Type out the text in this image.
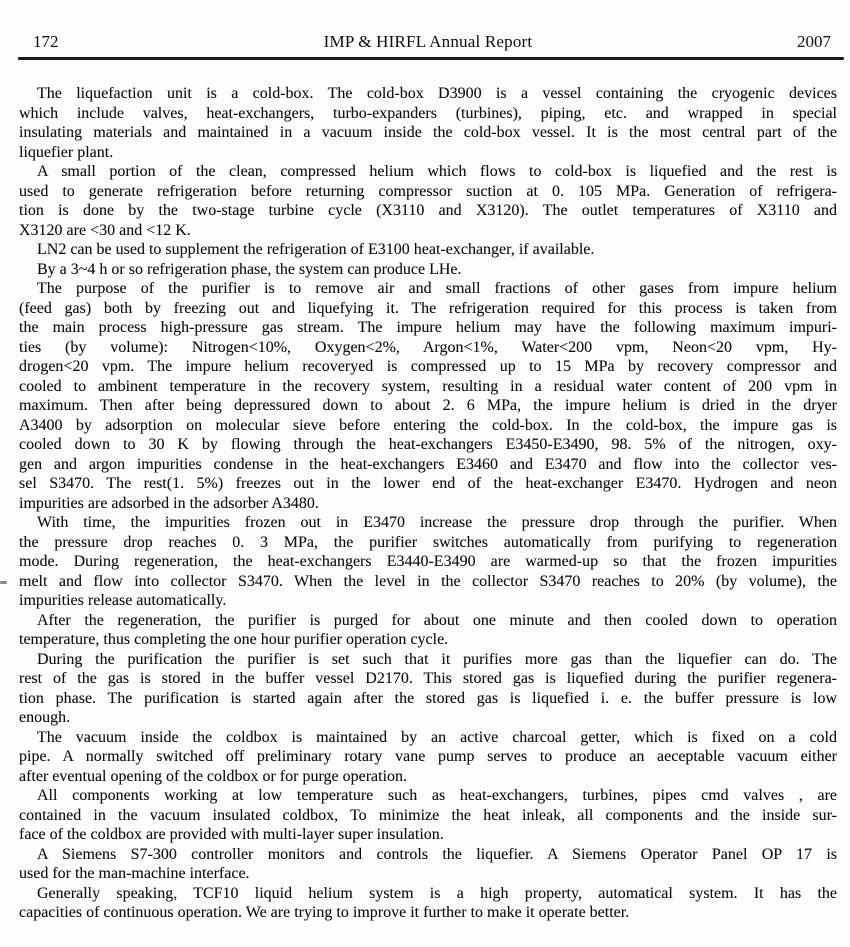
172	IMP & HIRFL Annual Report	2007
The liquefaction unit is a cold-box. The cold-box D3900 is a vessel containing the cryogenic devices
which include valves, heat-exchangers, turbo-expanders (turbines), piping, etc. and wrapped in special
insulating materials and maintained in a vacuum inside the cold-box vessel. It is the most central part of the
liquefier plant.
A small portion of the clean, compressed helium which flows to cold-box is liquefied and the rest is
used to generate refrigeration before returning compressor suction at 0. 105 MPa. Generation of refrigera-
tion is done by the two-stage turbine cycle (X3110 and X3120). The outlet temperatures of X3110 and
X3120 are <30 and <12 K.
LN2 can be used to supplement the refrigeration of E3100 heat-exchanger, if available.
By a 3~4 h or so refrigeration phase, the system can produce LHe.
The purpose of the purifier is to remove air and small fractions of other gases from impure helium
(feed gas) both by freezing out and liquefying it. The refrigeration required for this process is taken from
the main process high-pressure gas stream. The impure helium may have the following maximum impuri-
ties (by volume): Nitrogen<10%, Oxygen<2%, Argon<1%, Water<200 vpm, Neon<20 vpm, Hy-
drogen<20 vpm. The impure helium recoveryed is compressed up to 15 MPa by recovery compressor and
cooled to ambinent temperature in the recovery system, resulting in a residual water content of 200 vpm in
maximum. Then after being depressured down to about 2. 6 MPa, the impure helium is dried in the dryer
A3400 by adsorption on molecular sieve before entering the cold-box. In the cold-box, the impure gas is
cooled down to 30 K by flowing through the heat-exchangers E3450-E3490, 98. 5% of the nitrogen, oxy-
gen and argon impurities condense in the heat-exchangers E3460 and E3470 and flow into the collector ves-
sel S3470. The rest(1. 5%) freezes out in the lower end of the heat-exchanger E3470. Hydrogen and neon
impurities are adsorbed in the adsorber A3480.
With time, the impurities frozen out in E3470 increase the pressure drop through the purifier. When
the pressure drop reaches 0. 3 MPa, the purifier switches automatically from purifying to regeneration
mode. During regeneration, the heat-exchangers E3440-E3490 are warmed-up so that the frozen impurities
melt and flow into collector S3470. When the level in the collector S3470 reaches to 20% (by volume), the
impurities release automatically.
After the regeneration, the purifier is purged for about one minute and then cooled down to operation
temperature, thus completing the one hour purifier operation cycle.
During the purification the purifier is set such that it purifies more gas than the liquefier can do. The
rest of the gas is stored in the buffer vessel D2170. This stored gas is liquefied during the purifier regenera-
tion phase. The purification is started again after the stored gas is liquefied i. e. the buffer pressure is low
enough.
The vacuum inside the coldbox is maintained by an active charcoal getter, which is fixed on a cold
pipe. A normally switched off preliminary rotary vane pump serves to produce an aeceptable vacuum either
after eventual opening of the coldbox or for purge operation.
All components working at low temperature such as heat-exchangers, turbines, pipes cmd valves , are
contained in the vacuum insulated coldbox, To minimize the heat inleak, all components and the inside sur-
face of the coldbox are provided with multi-layer super insulation.
A Siemens S7-300 controller monitors and controls the liquefier. A Siemens Operator Panel OP 17 is
used for the man-machine interface.
Generally speaking, TCF10 liquid helium system is a high property, automatical system. It has the
capacities of continuous operation. We are trying to improve it further to make it operate better.
